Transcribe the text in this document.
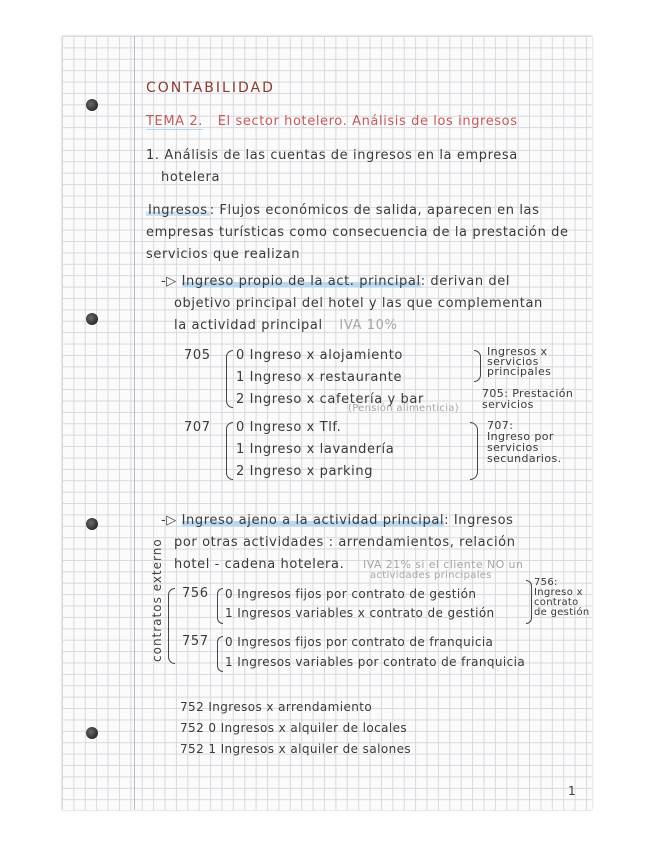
CONTABILIDAD
TEMA 2. El sector hotelero. Análisis de los ingresos
1. Análisis de las cuentas de ingresos en la empresa
hotelera
Ingresos : Flujos económicos de salida, aparecen en las
empresas turísticas como consecuencia de la prestación de
servicios que realizan
-▷ Ingreso propio de la act. principal: derivan del
objetivo principal del hotel y las que complementan
la actividad principal IVA 10%
705 0 Ingreso x alojamiento
1 Ingreso x restaurante
2 Ingreso x cafetería y bar
(Pensión alimenticia)
Ingresos x
servicios
principales
705: Prestación
servicios
707 0 Ingreso x Tlf.
1 Ingreso x lavandería
2 Ingreso x parking
707:
Ingreso por
servicios
secundarios.
-▷ Ingreso ajeno a la actividad principal: Ingresos
por otras actividades : arrendamientos, relación
hotel - cadena hotelera. IVA 21% si el cliente NO un
actividades principales
contratos externo 756 0 Ingresos fijos por contrato de gestión
1 Ingresos variables x contrato de gestión
756:
Ingreso x
contrato
de gestión
757 0 Ingresos fijos por contrato de franquicia
1 Ingresos variables por contrato de franquicia
752 Ingresos x arrendamiento
752 0 Ingresos x alquiler de locales
752 1 Ingresos x alquiler de salones
1
